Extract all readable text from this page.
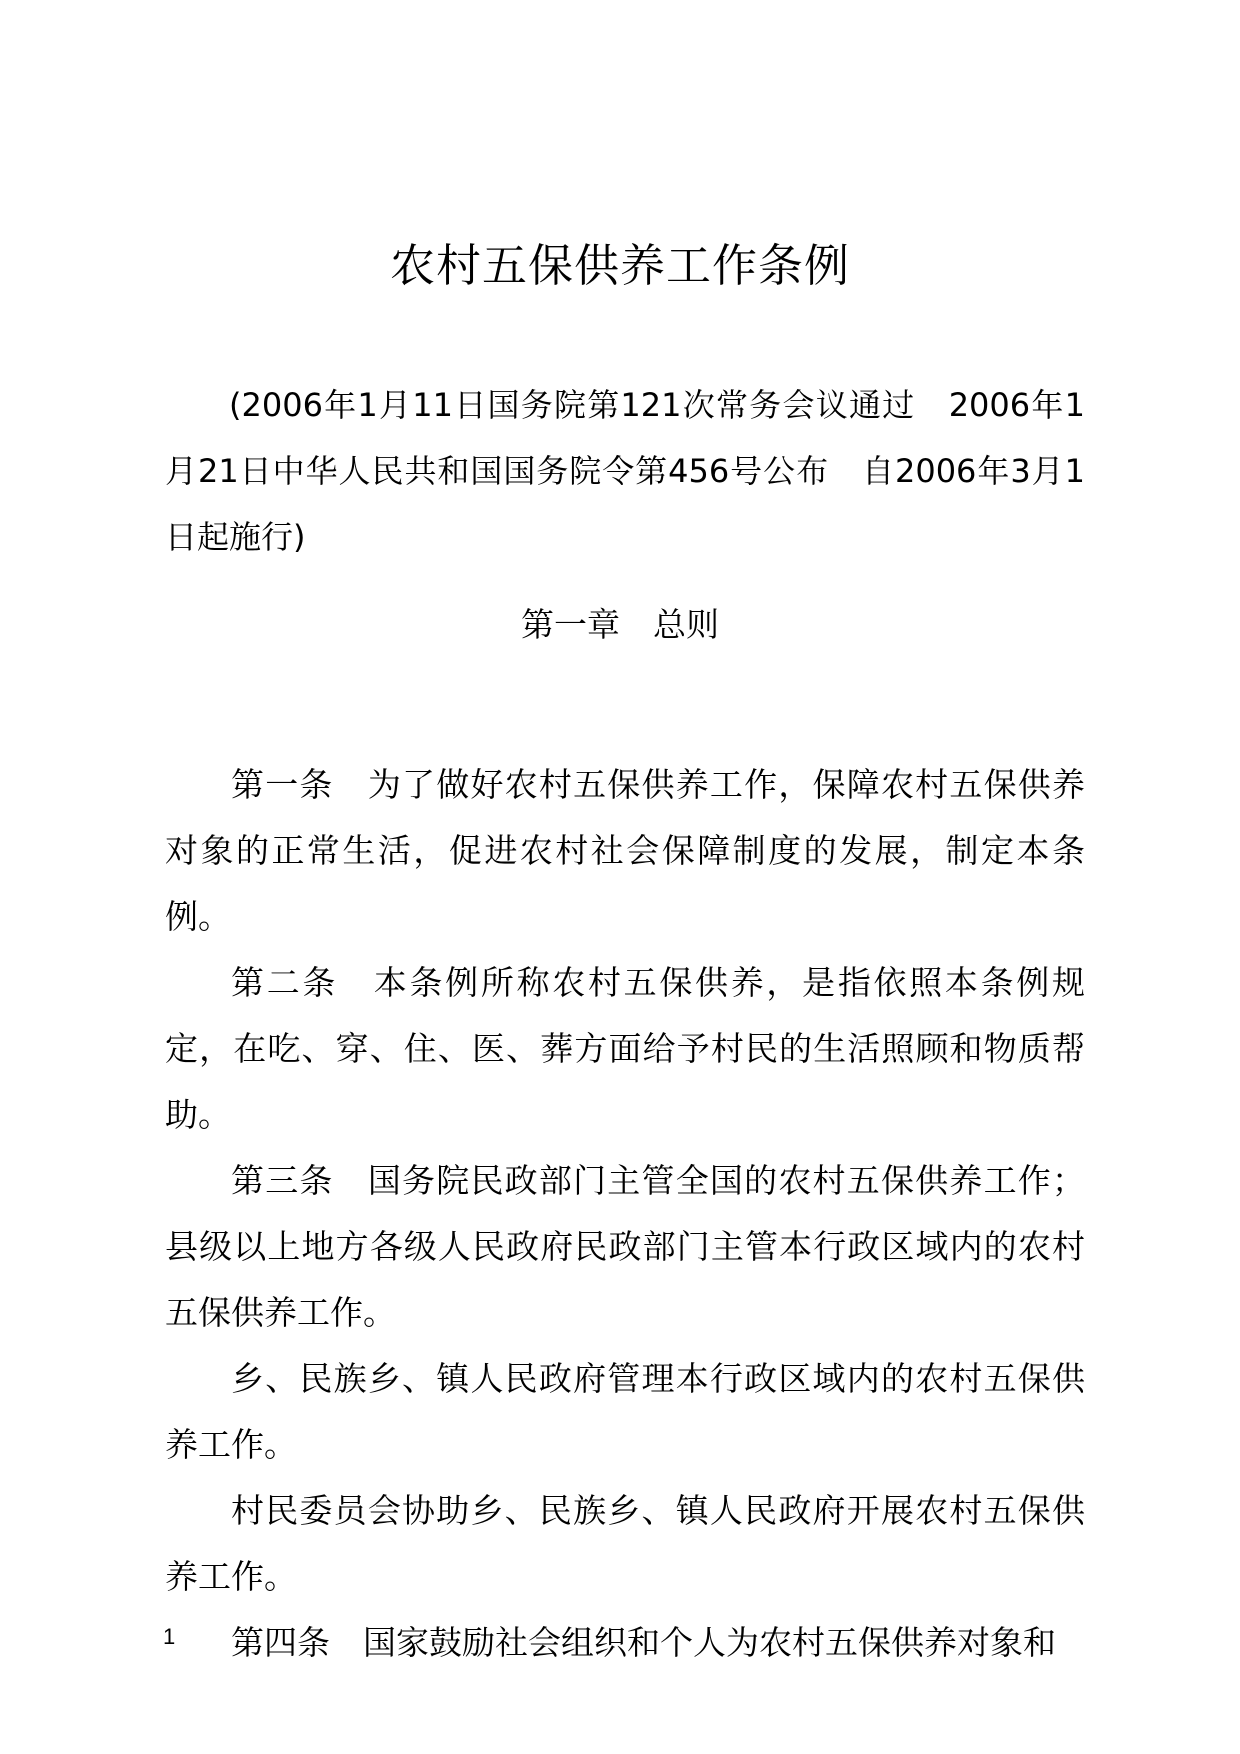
农村五保供养工作条例
(2006年1月11日国务院第121次常务会议通过　2006年1月21日中华人民共和国国务院令第456号公布　自2006年3月1日起施行)
第一章　总则

第一条　为了做好农村五保供养工作，保障农村五保供养对象的正常生活，促进农村社会保障制度的发展，制定本条例。

第二条　本条例所称农村五保供养，是指依照本条例规定，在吃、穿、住、医、葬方面给予村民的生活照顾和物质帮助。

第三条　国务院民政部门主管全国的农村五保供养工作；县级以上地方各级人民政府民政部门主管本行政区域内的农村五保供养工作。

乡、民族乡、镇人民政府管理本行政区域内的农村五保供养工作。

村民委员会协助乡、民族乡、镇人民政府开展农村五保供养工作。

第四条　国家鼓励社会组织和个人为农村五保供养对象和

1
